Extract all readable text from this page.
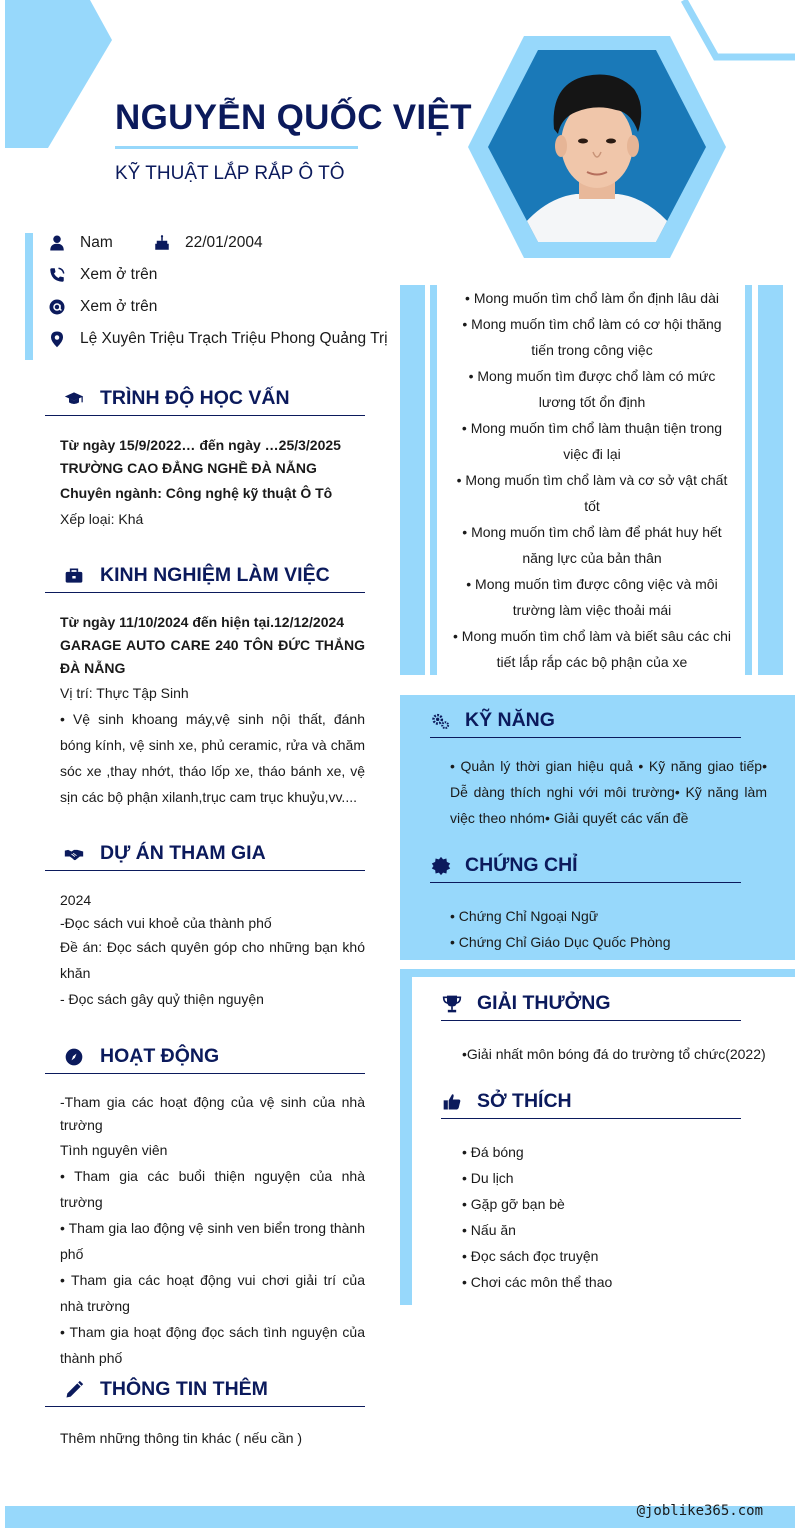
NGUYỄN QUỐC VIỆT
KỸ THUẬT LẮP RẮP Ô TÔ
Nam	22/01/2004
Xem ở trên
Xem ở trên
Lệ Xuyên Triệu Trạch Triệu Phong Quảng Trị
• Mong muốn tìm chổ làm ổn định lâu dài
• Mong muốn tìm chổ làm có cơ hội thăng tiến trong công việc
• Mong muốn tìm được chổ làm có mức lương tốt ổn định
• Mong muốn tìm chổ làm thuận tiện trong việc đi lại
• Mong muốn tìm chổ làm và cơ sở vật chất tốt
• Mong muốn tìm chổ làm để phát huy hết năng lực của bản thân
• Mong muốn tìm được công việc và môi trường làm việc thoải mái
• Mong muốn tìm chổ làm và biết sâu các chi tiết lắp rắp các bộ phận của xe
TRÌNH ĐỘ HỌC VẤN

Từ ngày 15/9/2022… đến ngày …25/3/2025

TRƯỜNG CAO ĐẲNG NGHỀ ĐÀ NẴNG

Chuyên ngành: Công nghệ kỹ thuật Ô Tô

Xếp loại: Khá

KINH NGHIỆM LÀM VIỆC

Từ ngày 11/10/2024 đến hiện tại.12/12/2024

GARAGE AUTO CARE 240 TÔN ĐỨC THẮNG ĐÀ NẴNG

Vị trí: Thực Tập Sinh

• Vệ sinh khoang máy,vệ sinh nội thất, đánh bóng kính, vệ sinh xe, phủ ceramic, rửa và chăm sóc xe ,thay nhớt, tháo lốp xe, tháo bánh xe, vệ sịn các bộ phận xilanh,trục cam trục khuỷu,vv....

DỰ ÁN THAM GIA

2024

-Đọc sách vui khoẻ của thành phố

Đề án: Đọc sách quyên góp cho những bạn khó khăn

- Đọc sách gây quỷ thiện nguyện

HOẠT ĐỘNG

-Tham gia các hoạt động của vệ sinh của nhà trường

Tình nguyên viên

• Tham gia các buổi thiện nguyện của nhà trường

• Tham gia lao động vệ sinh ven biển trong thành phố

• Tham gia các hoạt động vui chơi giải trí của nhà trường

• Tham gia hoạt động đọc sách tình nguyện của thành phố

THÔNG TIN THÊM
Thêm những thông tin khác ( nếu cần )
KỸ NĂNG
• Quản lý thời gian hiệu quả • Kỹ năng giao tiếp• Dễ dàng thích nghi với môi trường• Kỹ năng làm việc theo nhóm• Giải quyết các vấn đề
CHỨNG CHỈ

• Chứng Chỉ Ngoại Ngữ

• Chứng Chỉ Giáo Dục Quốc Phòng

GIẢI THƯỞNG
•Giải nhất môn bóng đá do trường tổ chức(2022)
SỞ THÍCH

• Đá bóng

• Du lịch

• Gặp gỡ bạn bè

• Nấu ăn

• Đọc sách đọc truyện

• Chơi các môn thể thao

@joblike365.com
